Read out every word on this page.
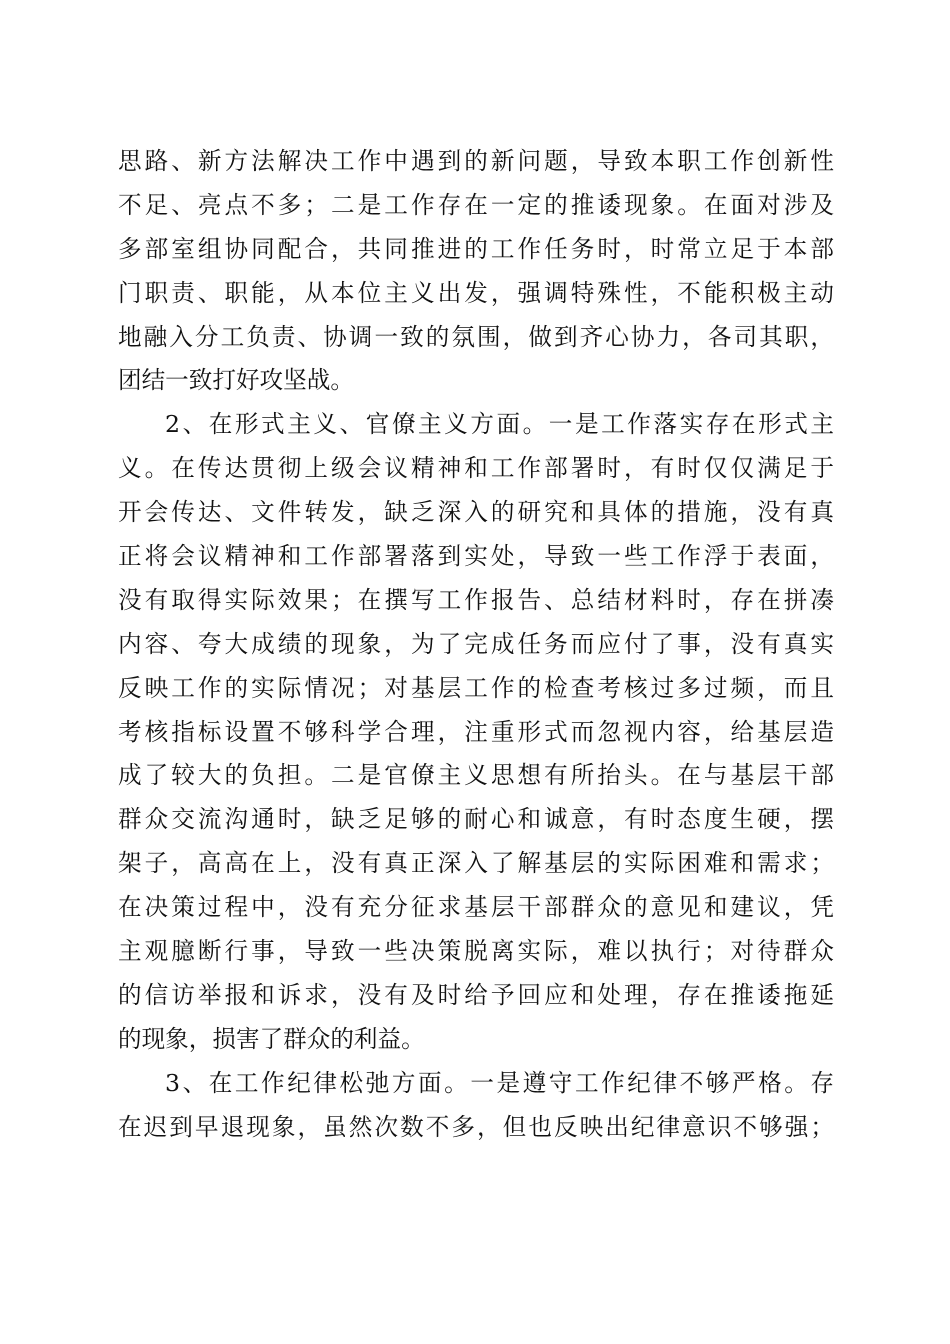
思路、新方法解决工作中遇到的新问题，导致本职工作创新性
不足、亮点不多；二是工作存在一定的推诿现象。在面对涉及
多部室组协同配合，共同推进的工作任务时，时常立足于本部
门职责、职能，从本位主义出发，强调特殊性，不能积极主动
地融入分工负责、协调一致的氛围，做到齐心协力，各司其职，
团结一致打好攻坚战。
2、在形式主义、官僚主义方面。一是工作落实存在形式主
义。在传达贯彻上级会议精神和工作部署时，有时仅仅满足于
开会传达、文件转发，缺乏深入的研究和具体的措施，没有真
正将会议精神和工作部署落到实处，导致一些工作浮于表面，
没有取得实际效果；在撰写工作报告、总结材料时，存在拼凑
内容、夸大成绩的现象，为了完成任务而应付了事，没有真实
反映工作的实际情况；对基层工作的检查考核过多过频，而且
考核指标设置不够科学合理，注重形式而忽视内容，给基层造
成了较大的负担。二是官僚主义思想有所抬头。在与基层干部
群众交流沟通时，缺乏足够的耐心和诚意，有时态度生硬，摆
架子，高高在上，没有真正深入了解基层的实际困难和需求；
在决策过程中，没有充分征求基层干部群众的意见和建议，凭
主观臆断行事，导致一些决策脱离实际，难以执行；对待群众
的信访举报和诉求，没有及时给予回应和处理，存在推诿拖延
的现象，损害了群众的利益。
3、在工作纪律松弛方面。一是遵守工作纪律不够严格。存
在迟到早退现象，虽然次数不多，但也反映出纪律意识不够强；
